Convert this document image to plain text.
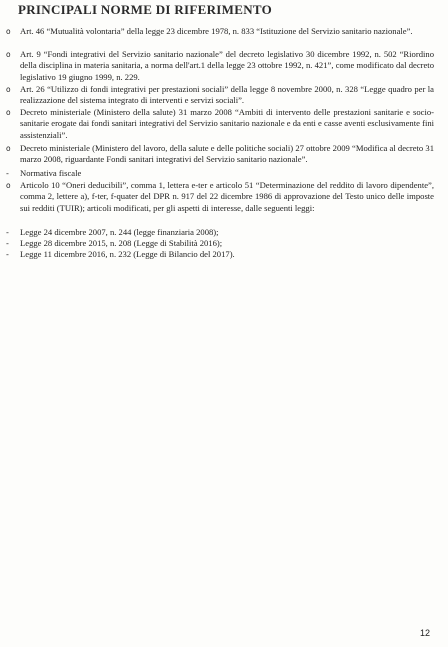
PRINCIPALI NORME DI RIFERIMENTO
o	Art. 46 “Mutualità volontaria” della legge 23 dicembre 1978, n. 833 “Istituzione del Servizio sanitario nazionale”.
o	Art. 9 “Fondi integrativi del Servizio sanitario nazionale” del decreto legislativo 30 dicembre 1992, n. 502 “Riordino della disciplina in materia sanitaria, a norma dell'art.1 della legge 23 ottobre 1992, n. 421”, come modificato dal decreto legislativo 19 giugno 1999, n. 229.
o	Art. 26 “Utilizzo di fondi integrativi per prestazioni sociali” della legge 8 novembre 2000, n. 328 “Legge quadro per la realizzazione del sistema integrato di interventi e servizi sociali”.
o	Decreto ministeriale (Ministero della salute) 31 marzo 2008 “Ambiti di intervento delle prestazioni sanitarie e socio-sanitarie erogate dai fondi sanitari integrativi del Servizio sanitario nazionale e da enti e casse aventi esclusivamente fini assistenziali”.
o	Decreto ministeriale (Ministero del lavoro, della salute e delle politiche sociali) 27 ottobre 2009 “Modifica al decreto 31 marzo 2008, riguardante Fondi sanitari integrativi del Servizio sanitario nazionale”.
-	Normativa fiscale
o	Articolo 10 “Oneri deducibili”, comma 1, lettera e-ter e articolo 51 “Determinazione del reddito di lavoro dipendente”, comma 2, lettere a), f-ter, f-quater del DPR n. 917 del 22 dicembre 1986 di approvazione del Testo unico delle imposte sui redditi (TUIR); articoli modificati, per gli aspetti di interesse, dalle seguenti leggi:
-	Legge 24 dicembre 2007, n. 244 (legge finanziaria 2008);
-	Legge 28 dicembre 2015, n. 208 (Legge di Stabilità 2016);
-	Legge 11 dicembre 2016, n. 232 (Legge di Bilancio del 2017).
12
